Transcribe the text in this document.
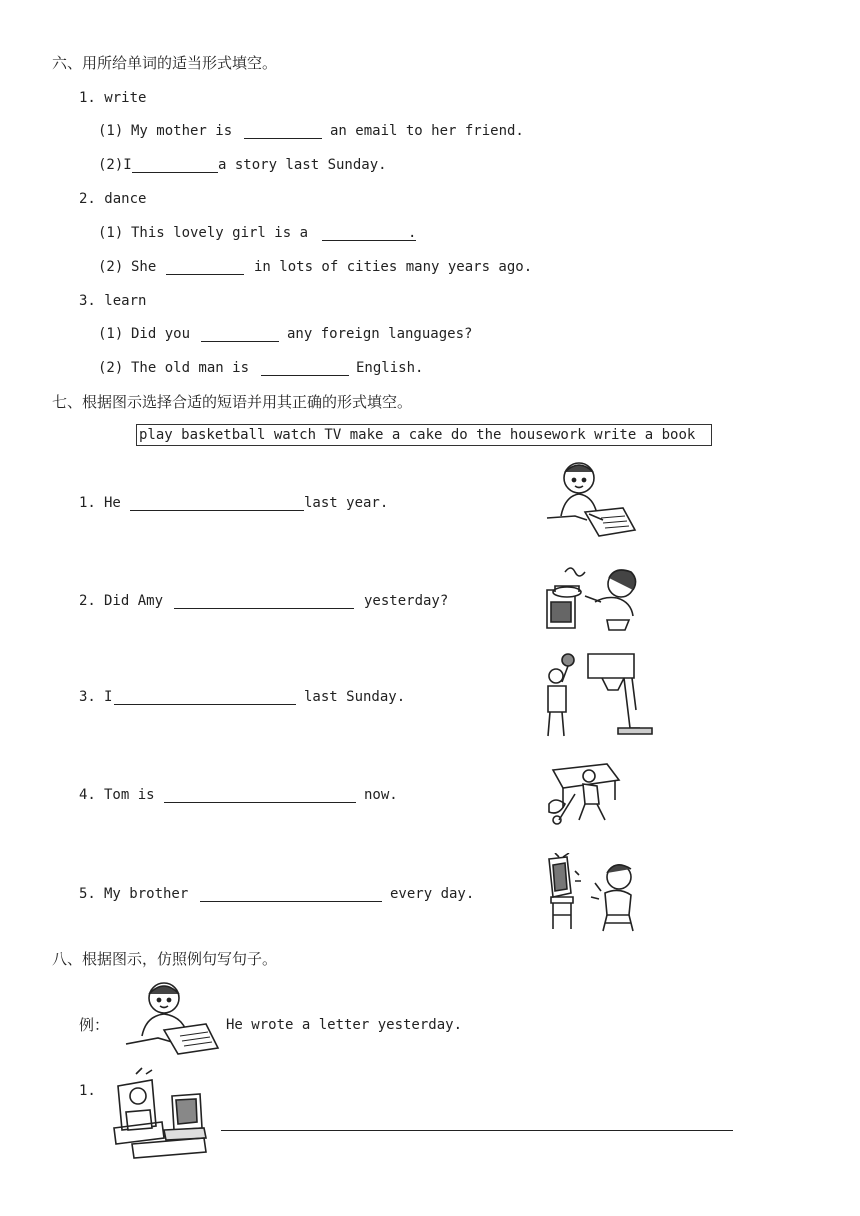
六、用所给单词的适当形式填空。
1. write
(1) My mother is	an email to her friend.
(2)I	a story last Sunday.
2. dance
(1) This lovely girl is a	.
(2) She	in lots of cities many years ago.
3. learn
(1) Did you	any foreign languages?
(2) The old man is	English.
七、根据图示选择合适的短语并用其正确的形式填空。
play basketball watch TV make a cake do the housework write a book
1. He	last year.
2. Did Amy	yesterday?
3. I	last Sunday.
4. Tom is	now.
5. My brother	every day.
八、根据图示，仿照例句写句子。
例：	He wrote a letter yesterday.
1.
